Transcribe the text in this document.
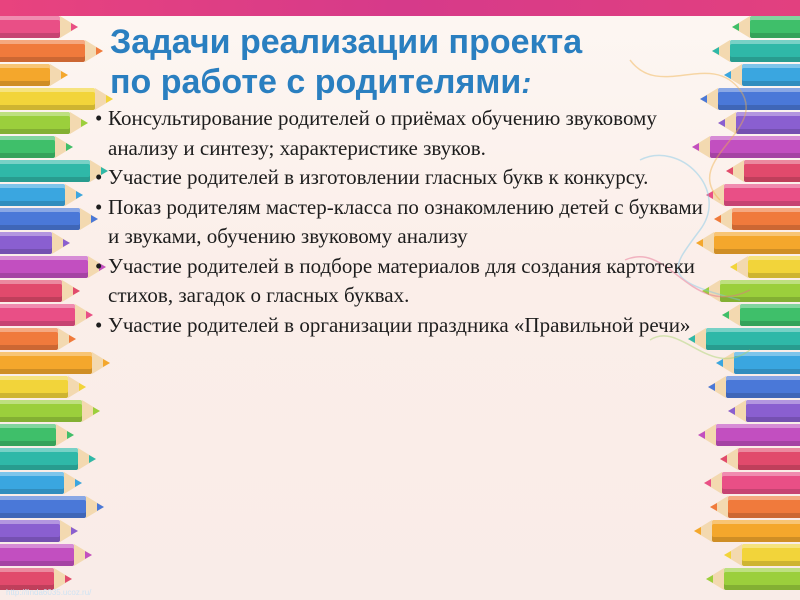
Задачи реализации проекта
по работе с родителями:
• Консультирование родителей о приёмах обучению звуковому анализу и синтезу; характеристике звуков.
• Участие родителей в изготовлении гласных букв к конкурсу.
• Показ родителям мастер-класса по ознакомлению детей с буквами и звуками, обучению звуковому анализу
• Участие родителей в подборе материалов для создания картотеки стихов, загадок о гласных буквах.
• Участие родителей в организации праздника «Правильной речи»
http://linda6035.ucoz.ru/
